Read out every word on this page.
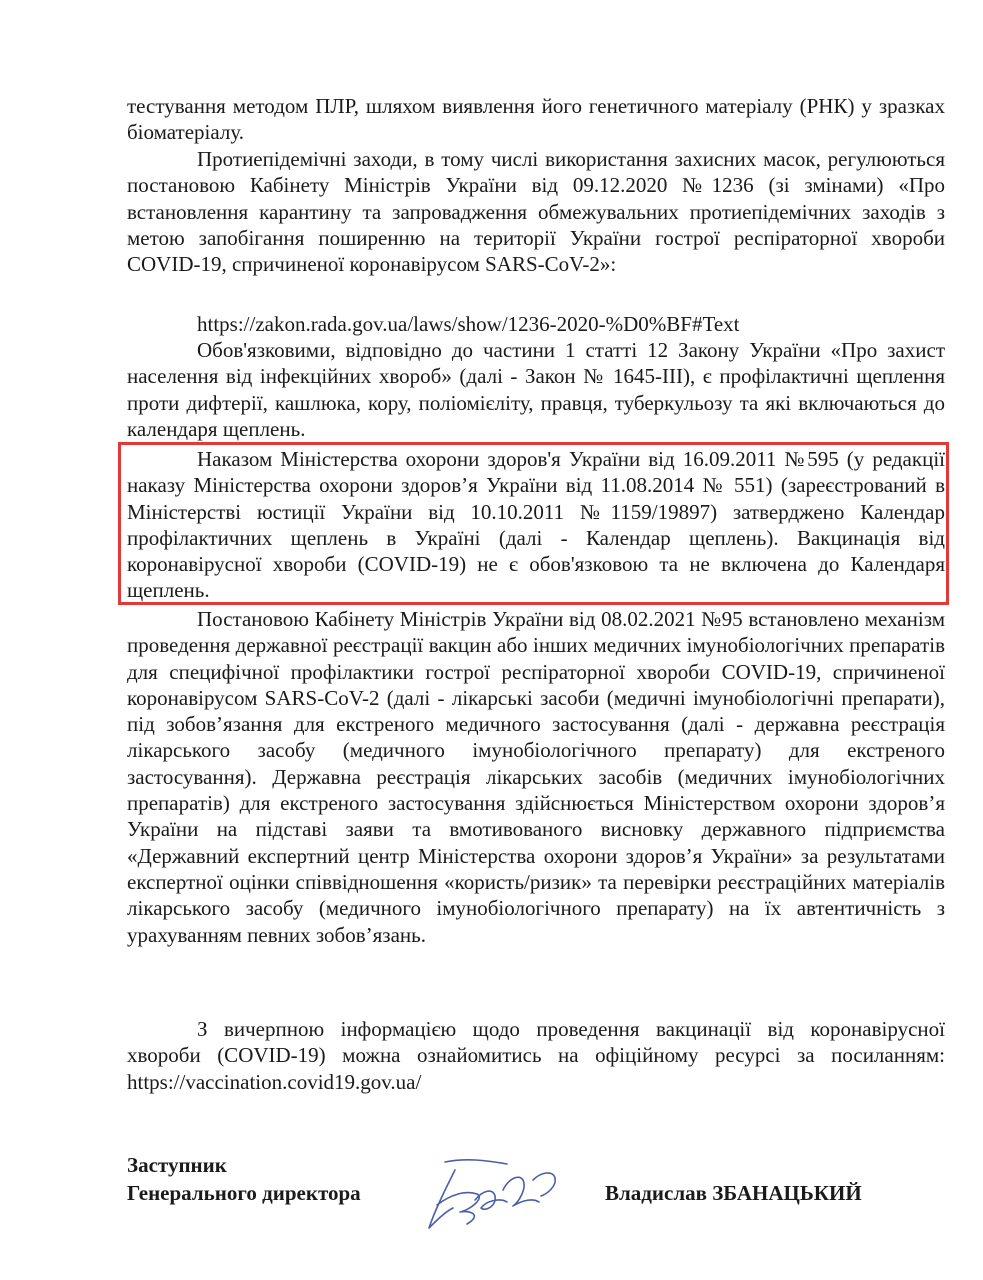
тестування методом ПЛР, шляхом виявлення його генетичного матеріалу (РНК) у зразках біоматеріалу.
Протиепідемічні заходи, в тому числі використання захисних масок, регулюються постановою Кабінету Міністрів України від 09.12.2020 №1236 (зі змінами) «Про встановлення карантину та запровадження обмежувальних протиепідемічних заходів з метою запобігання поширенню на території України гострої респіраторної хвороби COVID-19, спричиненої коронавірусом SARS-CoV-2»:
https://zakon.rada.gov.ua/laws/show/1236-2020-%D0%BF#Text
Обов'язковими, відповідно до частини 1 статті 12 Закону України «Про захист населення від інфекційних хвороб» (далі - Закон № 1645-ІІІ), є профілактичні щеплення проти дифтерії, кашлюка, кору, поліомієліту, правця, туберкульозу та які включаються до календаря щеплень.
Наказом Міністерства охорони здоров'я України від 16.09.2011 №595 (у редакції наказу Міністерства охорони здоров’я України від 11.08.2014 № 551) (зареєстрований в Міністерстві юстиції України від 10.10.2011 №1159/19897) затверджено Календар профілактичних щеплень в Україні (далі - Календар щеплень). Вакцинація від коронавірусної хвороби (COVID-19) не є обов'язковою та не включена до Календаря щеплень.
Постановою Кабінету Міністрів України від 08.02.2021 №95 встановлено механізм проведення державної реєстрації вакцин або інших медичних імунобіологічних препаратів для специфічної профілактики гострої респіраторної хвороби COVID-19, спричиненої коронавірусом SARS-CoV-2 (далі - лікарські засоби (медичні імунобіологічні препарати), під зобов’язання для екстреного медичного застосування (далі - державна реєстрація лікарського засобу (медичного імунобіологічного препарату) для екстреного застосування). Державна реєстрація лікарських засобів (медичних імунобіологічних препаратів) для екстреного застосування здійснюється Міністерством охорони здоров’я України на підставі заяви та вмотивованого висновку державного підприємства «Державний експертний центр Міністерства охорони здоров’я України» за результатами експертної оцінки співвідношення «користь/ризик» та перевірки реєстраційних матеріалів лікарського засобу (медичного імунобіологічного препарату) на їх автентичність з урахуванням певних зобов’язань.
З вичерпною інформацією щодо проведення вакцинації від коронавірусної хвороби (COVID-19) можна ознайомитись на офіційному ресурсі за посиланням: https://vaccination.covid19.gov.ua/
Заступник
Генерального директора	Владислав ЗБАНАЦЬКИЙ
